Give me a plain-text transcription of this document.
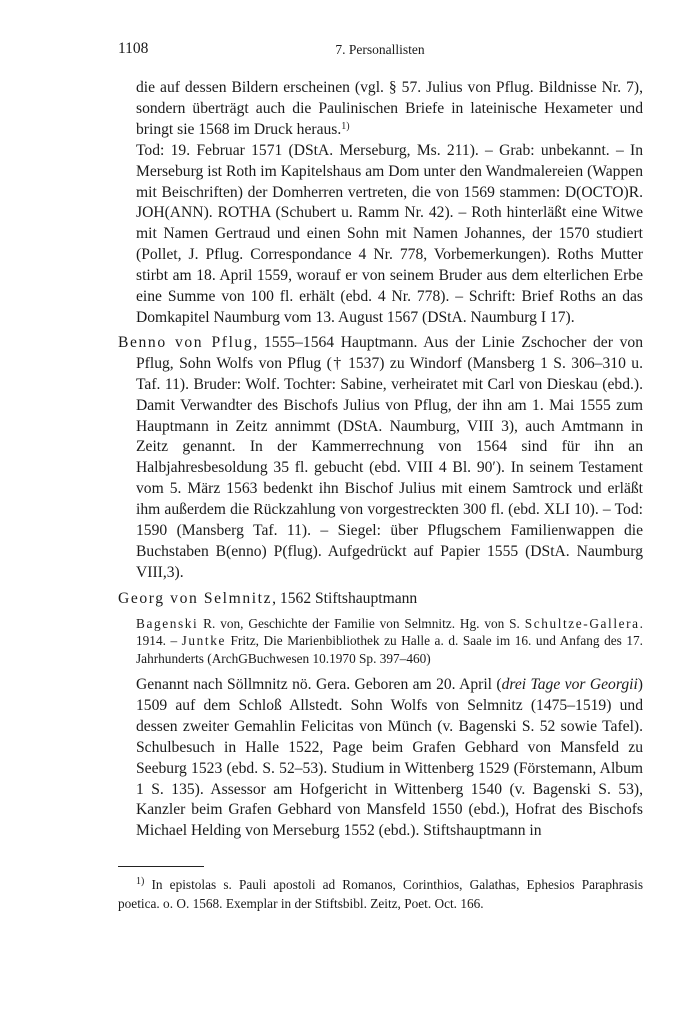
1108	7. Personallisten

die auf dessen Bildern erscheinen (vgl. § 57. Julius von Pflug. Bildnisse Nr. 7), sondern überträgt auch die Paulinischen Briefe in lateinische Hexameter und bringt sie 1568 im Druck heraus.$^{1)}$

Tod: 19. Februar 1571 (DStA. Merseburg, Ms. 211). – Grab: unbekannt. – In Merseburg ist Roth im Kapitelshaus am Dom unter den Wandmalereien (Wappen mit Beischriften) der Domherren vertreten, die von 1569 stammen: D(OCTO)R. JOH(ANN). ROTHA (Schubert u. Ramm Nr. 42). – Roth hinterläßt eine Witwe mit Namen Gertraud und einen Sohn mit Namen Johannes, der 1570 studiert (Pollet, J. Pflug. Correspondance 4 Nr. 778, Vorbemerkungen). Roths Mutter stirbt am 18. April 1559, worauf er von seinem Bruder aus dem elterlichen Erbe eine Summe von 100 fl. erhält (ebd. 4 Nr. 778). – Schrift: Brief Roths an das Domkapitel Naumburg vom 13. August 1567 (DStA. Naumburg I 17).

Benno von Pflug, 1555–1564 Hauptmann. Aus der Linie Zschocher der von Pflug, Sohn Wolfs von Pflug († 1537) zu Windorf (Mansberg 1 S. 306–310 u. Taf. 11). Bruder: Wolf. Tochter: Sabine, verheiratet mit Carl von Dieskau (ebd.). Damit Verwandter des Bischofs Julius von Pflug, der ihn am 1. Mai 1555 zum Hauptmann in Zeitz annimmt (DStA. Naumburg, VIII 3), auch Amtmann in Zeitz genannt. In der Kammerrechnung von 1564 sind für ihn an Halbjahresbesoldung 35 fl. gebucht (ebd. VIII 4 Bl. 90′). In seinem Testament vom 5. März 1563 bedenkt ihn Bischof Julius mit einem Samtrock und erläßt ihm außerdem die Rückzahlung von vorgestreckten 300 fl. (ebd. XLI 10). – Tod: 1590 (Mansberg Taf. 11). – Siegel: über Pflugschem Familienwappen die Buchstaben B(enno) P(flug). Aufgedrückt auf Papier 1555 (DStA. Naumburg VIII,3).

Georg von Selmnitz, 1562 Stiftshauptmann

Bagenski R. von, Geschichte der Familie von Selmnitz. Hg. von S. Schultze-Gallera. 1914. – Juntke Fritz, Die Marienbibliothek zu Halle a. d. Saale im 16. und Anfang des 17. Jahrhunderts (ArchGBuchwesen 10.1970 Sp. 397–460)

Genannt nach Söllmnitz nö. Gera. Geboren am 20. April (drei Tage vor Georgii) 1509 auf dem Schloß Allstedt. Sohn Wolfs von Selmnitz (1475–1519) und dessen zweiter Gemahlin Felicitas von Münch (v. Bagenski S. 52 sowie Tafel). Schulbesuch in Halle 1522, Page beim Grafen Gebhard von Mansfeld zu Seeburg 1523 (ebd. S. 52–53). Studium in Wittenberg 1529 (Förstemann, Album 1 S. 135). Assessor am Hofgericht in Wittenberg 1540 (v. Bagenski S. 53), Kanzler beim Grafen Gebhard von Mansfeld 1550 (ebd.), Hofrat des Bischofs Michael Helding von Merseburg 1552 (ebd.). Stiftshauptmann in

$^{1)}$ In epistolas s. Pauli apostoli ad Romanos, Corinthios, Galathas, Ephesios Paraphrasis poetica. o. O. 1568. Exemplar in der Stiftsbibl. Zeitz, Poet. Oct. 166.
